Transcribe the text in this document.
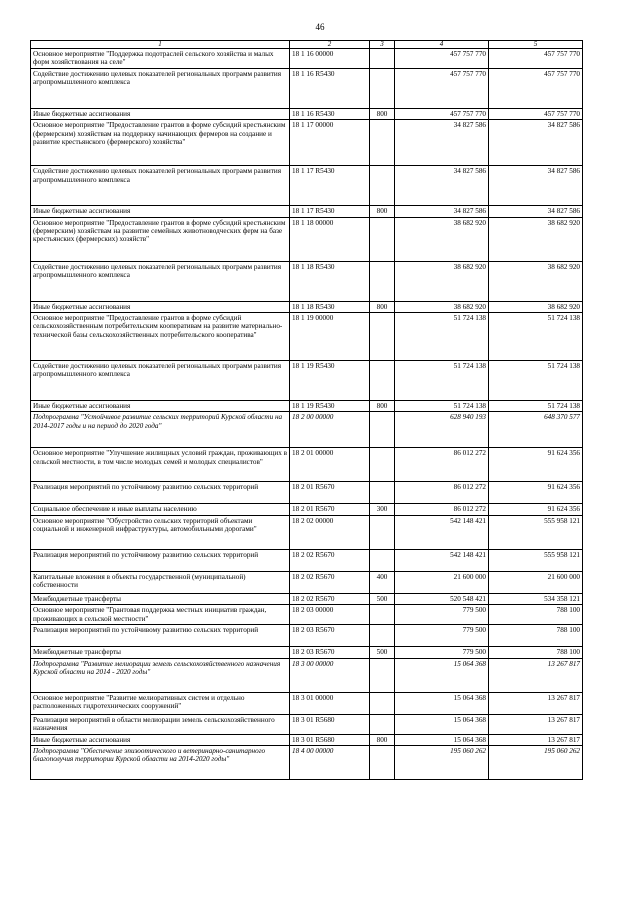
46
1	2	3	4	5
Основное мероприятие "Поддержка подотраслей сельского хозяйства и малых форм хозяйствования на селе"	18 1 16 00000		457 757 770	457 757 770
Содействие достижению целевых показателей региональных программ развития агропромышленного комплекса	18 1 16 R5430		457 757 770	457 757 770
Иные бюджетные ассигнования	18 1 16 R5430	800	457 757 770	457 757 770
Основное мероприятие "Предоставление грантов в форме субсидий крестьянским (фермерским) хозяйствам на поддержку начинающих фермеров на создание и развитие крестьянского (фермерского) хозяйства"	18 1 17 00000		34 827 586	34 827 586
Содействие достижению целевых показателей региональных программ развития агропромышленного комплекса	18 1 17 R5430		34 827 586	34 827 586
Иные бюджетные ассигнования	18 1 17 R5430	800	34 827 586	34 827 586
Основное мероприятие "Предоставление грантов в форме субсидий крестьянским (фермерским) хозяйствам на развитие семейных животноводческих ферм на базе крестьянских (фермерских) хозяйств"	18 1 18 00000		38 682 920	38 682 920
Содействие достижению целевых показателей региональных программ развития агропромышленного комплекса	18 1 18 R5430		38 682 920	38 682 920
Иные бюджетные ассигнования	18 1 18 R5430	800	38 682 920	38 682 920
Основное мероприятие "Предоставление грантов в форме субсидий сельскохозяйственным потребительским кооперативам на развитие материально-технической базы сельскохозяйственных потребительского кооператива"	18 1 19 00000		51 724 138	51 724 138
Содействие достижению целевых показателей региональных программ развития агропромышленного комплекса	18 1 19 R5430		51 724 138	51 724 138
Иные бюджетные ассигнования	18 1 19 R5430	800	51 724 138	51 724 138
Подпрограмма "Устойчивое развитие сельских территорий Курской области на 2014-2017 годы и на период до 2020 года"	18 2 00 00000		628 940 193	648 370 577
Основное мероприятие "Улучшение жилищных условий граждан, проживающих в сельской местности, в том числе молодых семей и молодых специалистов"	18 2 01 00000		86 012 272	91 624 356
Реализация мероприятий по устойчивому развитию сельских территорий	18 2 01 R5670		86 012 272	91 624 356
Социальное обеспечение и иные выплаты населению	18 2 01 R5670	300	86 012 272	91 624 356
Основное мероприятие "Обустройство сельских территорий объектами социальной и инженерной инфраструктуры, автомобильными дорогами"	18 2 02 00000		542 148 421	555 958 121
Реализация мероприятий по устойчивому развитию сельских территорий	18 2 02 R5670		542 148 421	555 958 121
Капитальные вложения в объекты государственной (муниципальной) собственности	18 2 02 R5670	400	21 600 000	21 600 000
Межбюджетные трансферты	18 2 02 R5670	500	520 548 421	534 358 121
Основное мероприятие "Грантовая поддержка местных инициатив граждан, проживающих в сельской местности"	18 2 03 00000		779 500	788 100
Реализация мероприятий по устойчивому развитию сельских территорий	18 2 03 R5670		779 500	788 100
Межбюджетные трансферты	18 2 03 R5670	500	779 500	788 100
Подпрограмма "Развитие мелиорации земель сельскохозяйственного назначения Курской области на 2014 - 2020 годы"	18 3 00 00000		15 064 368	13 267 817
Основное мероприятие "Развитие мелиоративных систем и отдельно расположенных гидротехнических сооружений"	18 3 01 00000		15 064 368	13 267 817
Реализация мероприятий в области мелиорации земель сельскохозяйственного назначения	18 3 01 R5680		15 064 368	13 267 817
Иные бюджетные ассигнования	18 3 01 R5680	800	15 064 368	13 267 817
Подпрограмма "Обеспечение эпизоотического и ветеринарно-санитарного благополучия территории Курской области на 2014-2020 годы"	18 4 00 00000		195 060 262	195 060 262
